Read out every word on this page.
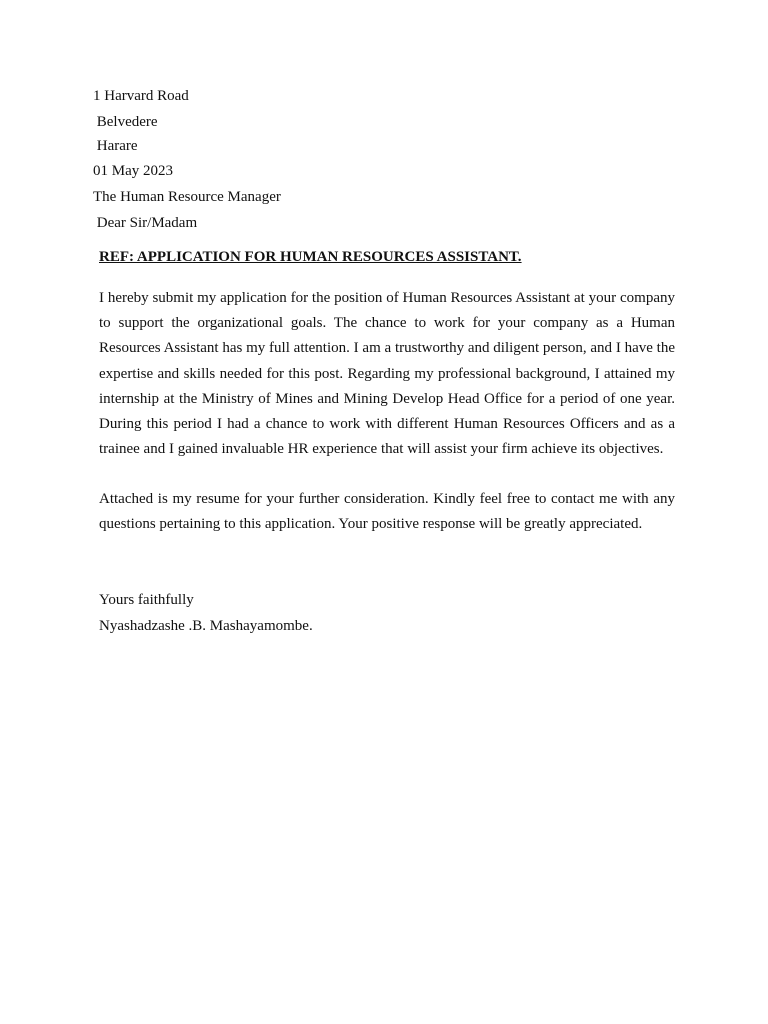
1 Harvard Road
Belvedere
Harare
01 May 2023
The Human Resource Manager
Dear Sir/Madam
REF: APPLICATION FOR HUMAN RESOURCES ASSISTANT.

I hereby submit my application for the position of Human Resources Assistant at your company to support the organizational goals. The chance to work for your company as a Human Resources Assistant has my full attention. I am a trustworthy and diligent person, and I have the expertise and skills needed for this post. Regarding my professional background, I attained my internship at the Ministry of Mines and Mining Develop Head Office for a period of one year. During this period I had a chance to work with different Human Resources Officers and as a trainee and I gained invaluable HR experience that will assist your firm achieve its objectives.

Attached is my resume for your further consideration. Kindly feel free to contact me with any questions pertaining to this application. Your positive response will be greatly appreciated.

Yours faithfully
Nyashadzashe .B. Mashayamombe.
